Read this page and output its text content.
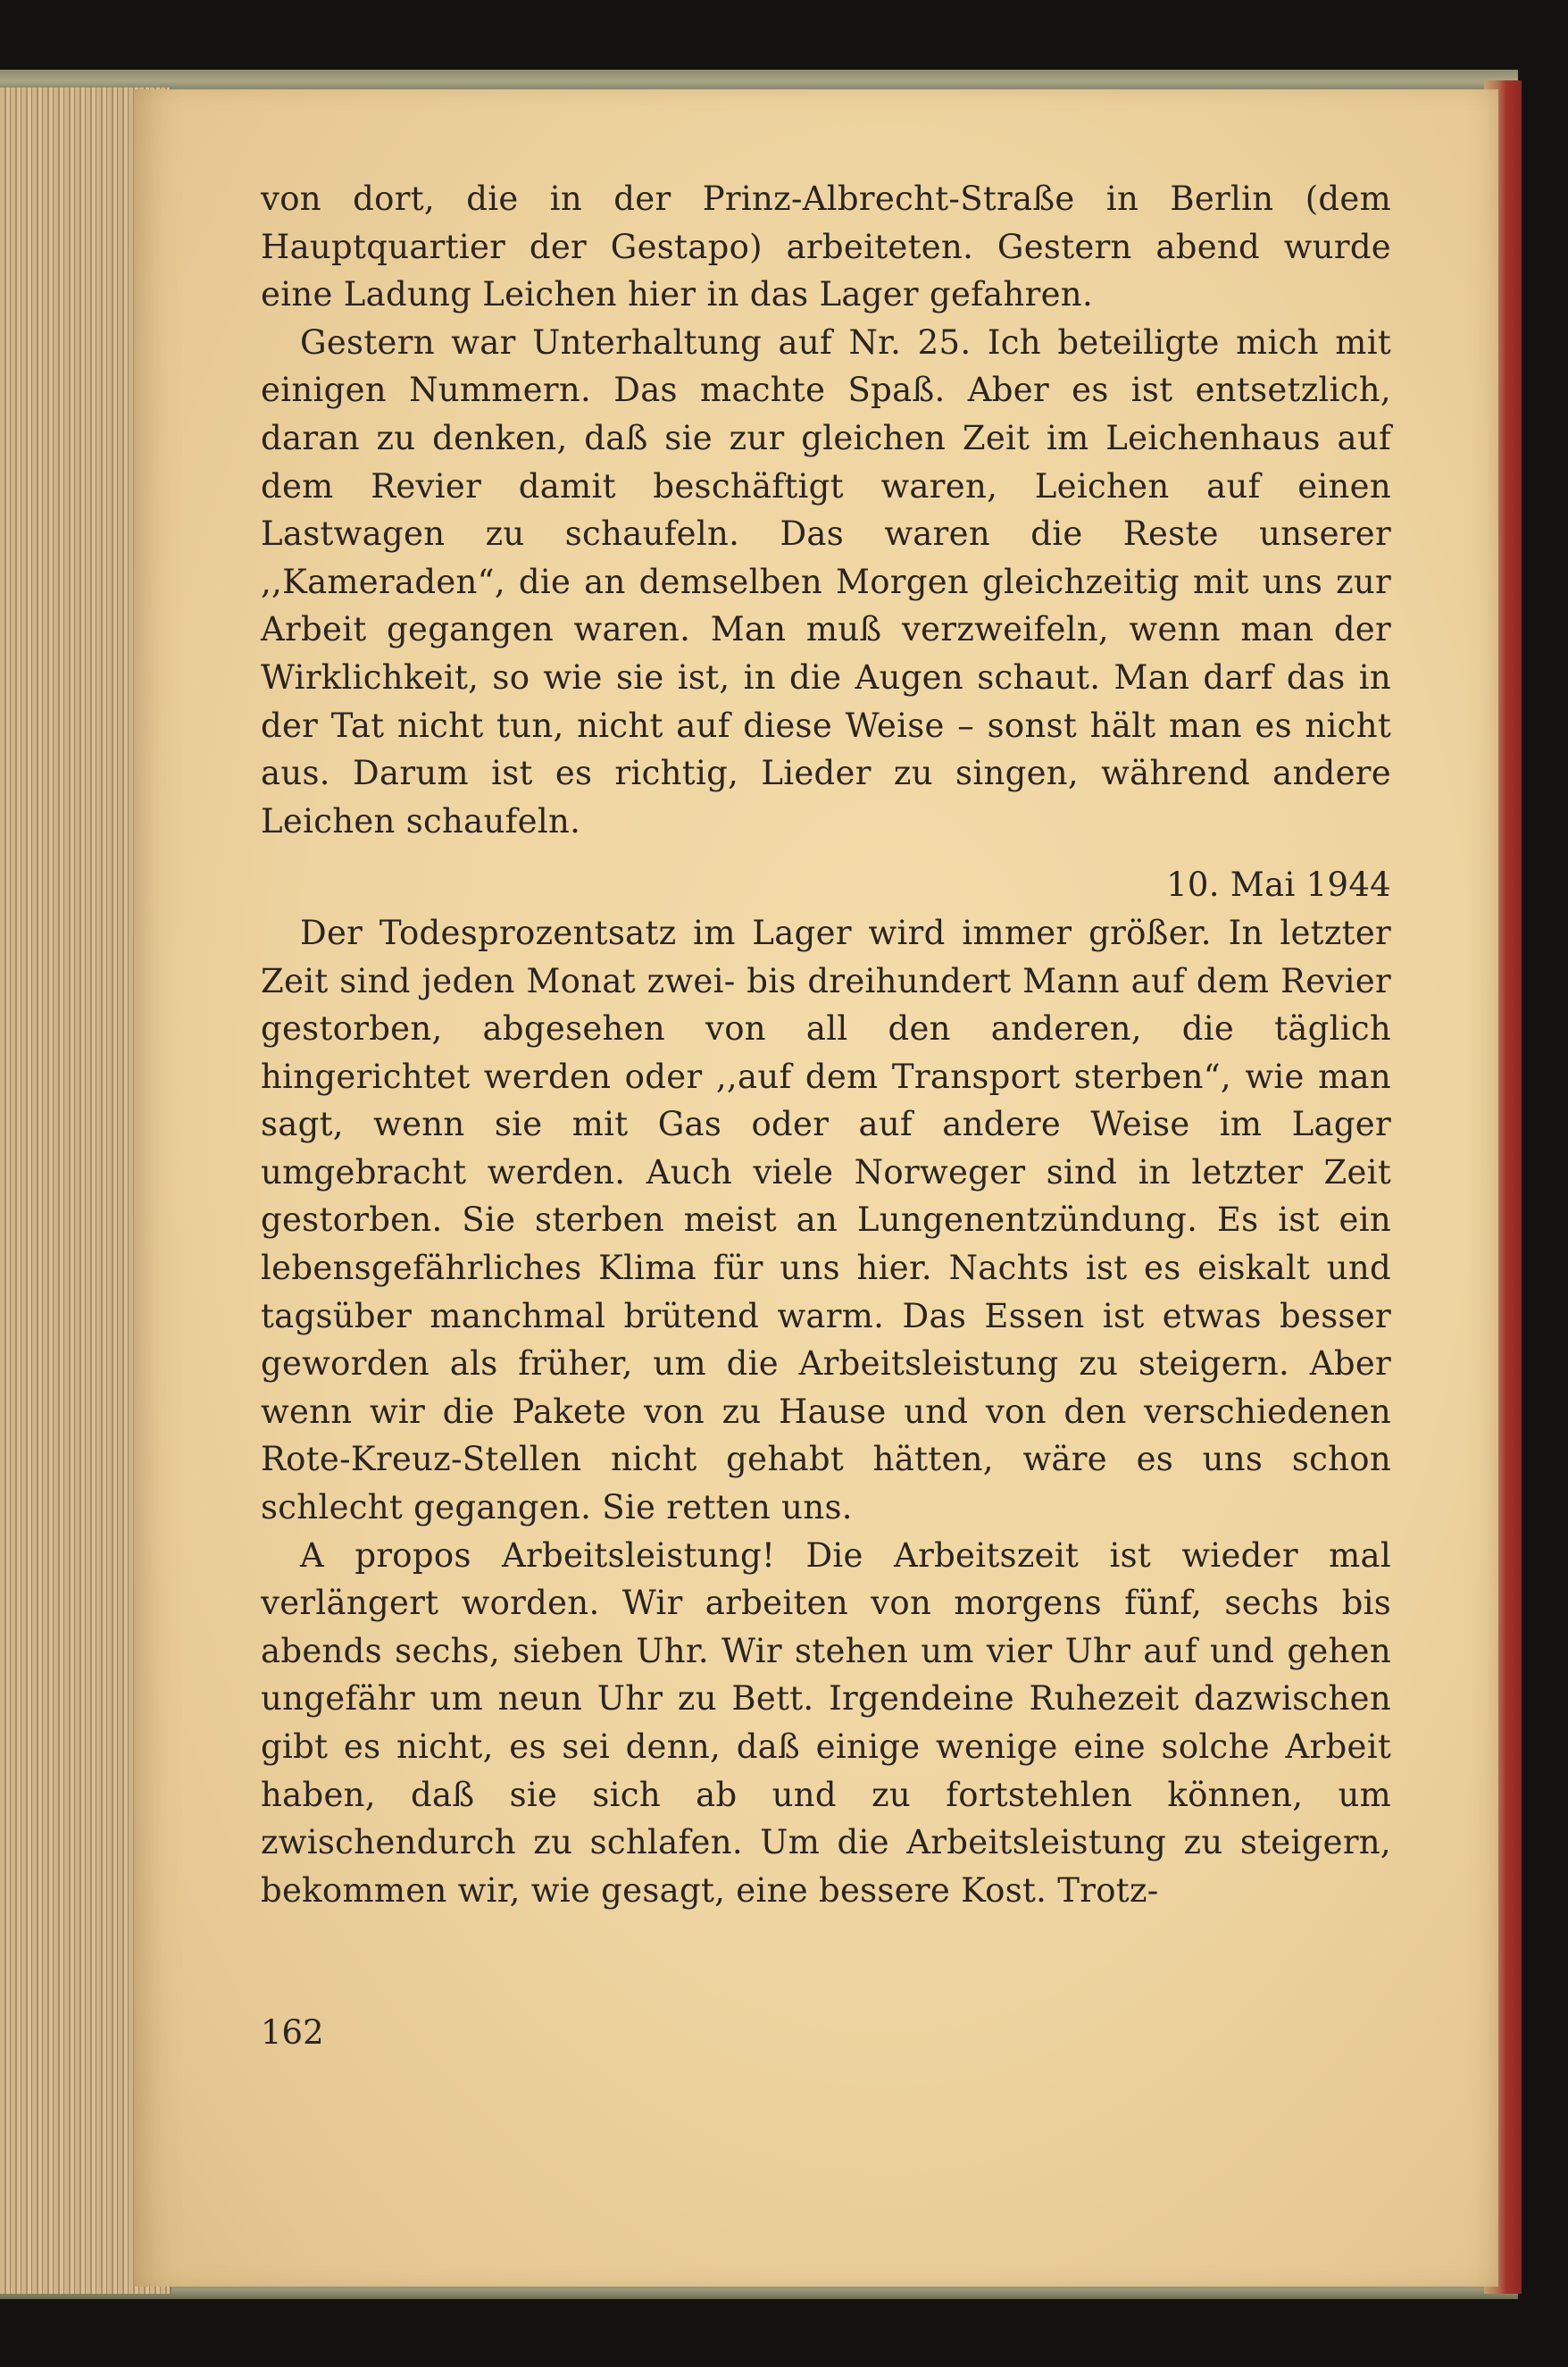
von dort, die in der Prinz-Albrecht-Straße in Berlin (dem Hauptquartier der Gestapo) arbeiteten. Gestern abend wurde eine Ladung Leichen hier in das Lager gefahren.

Gestern war Unterhaltung auf Nr. 25. Ich beteiligte mich mit einigen Nummern. Das machte Spaß. Aber es ist entsetzlich, daran zu denken, daß sie zur gleichen Zeit im Leichenhaus auf dem Revier damit beschäftigt waren, Leichen auf einen Lastwagen zu schaufeln. Das waren die Reste unserer ,,Kameraden“, die an demselben Morgen gleichzeitig mit uns zur Arbeit gegangen waren. Man muß verzweifeln, wenn man der Wirklichkeit, so wie sie ist, in die Augen schaut. Man darf das in der Tat nicht tun, nicht auf diese Weise – sonst hält man es nicht aus. Darum ist es richtig, Lieder zu singen, während andere Leichen schaufeln.

10. Mai 1944

Der Todesprozentsatz im Lager wird immer größer. In letzter Zeit sind jeden Monat zwei- bis dreihundert Mann auf dem Revier gestorben, abgesehen von all den anderen, die täglich hingerichtet werden oder ,,auf dem Transport sterben“, wie man sagt, wenn sie mit Gas oder auf andere Weise im Lager umgebracht werden. Auch viele Norweger sind in letzter Zeit gestorben. Sie sterben meist an Lungenentzündung. Es ist ein lebensgefährliches Klima für uns hier. Nachts ist es eiskalt und tagsüber manchmal brütend warm. Das Essen ist etwas besser geworden als früher, um die Arbeitsleistung zu steigern. Aber wenn wir die Pakete von zu Hause und von den verschiedenen Rote-Kreuz-Stellen nicht gehabt hätten, wäre es uns schon schlecht gegangen. Sie retten uns.

A propos Arbeitsleistung! Die Arbeitszeit ist wieder mal verlängert worden. Wir arbeiten von morgens fünf, sechs bis abends sechs, sieben Uhr. Wir stehen um vier Uhr auf und gehen ungefähr um neun Uhr zu Bett. Irgendeine Ruhezeit dazwischen gibt es nicht, es sei denn, daß einige wenige eine solche Arbeit haben, daß sie sich ab und zu fortstehlen können, um zwischendurch zu schlafen. Um die Arbeitsleistung zu steigern, bekommen wir, wie gesagt, eine bessere Kost. Trotz-

162
